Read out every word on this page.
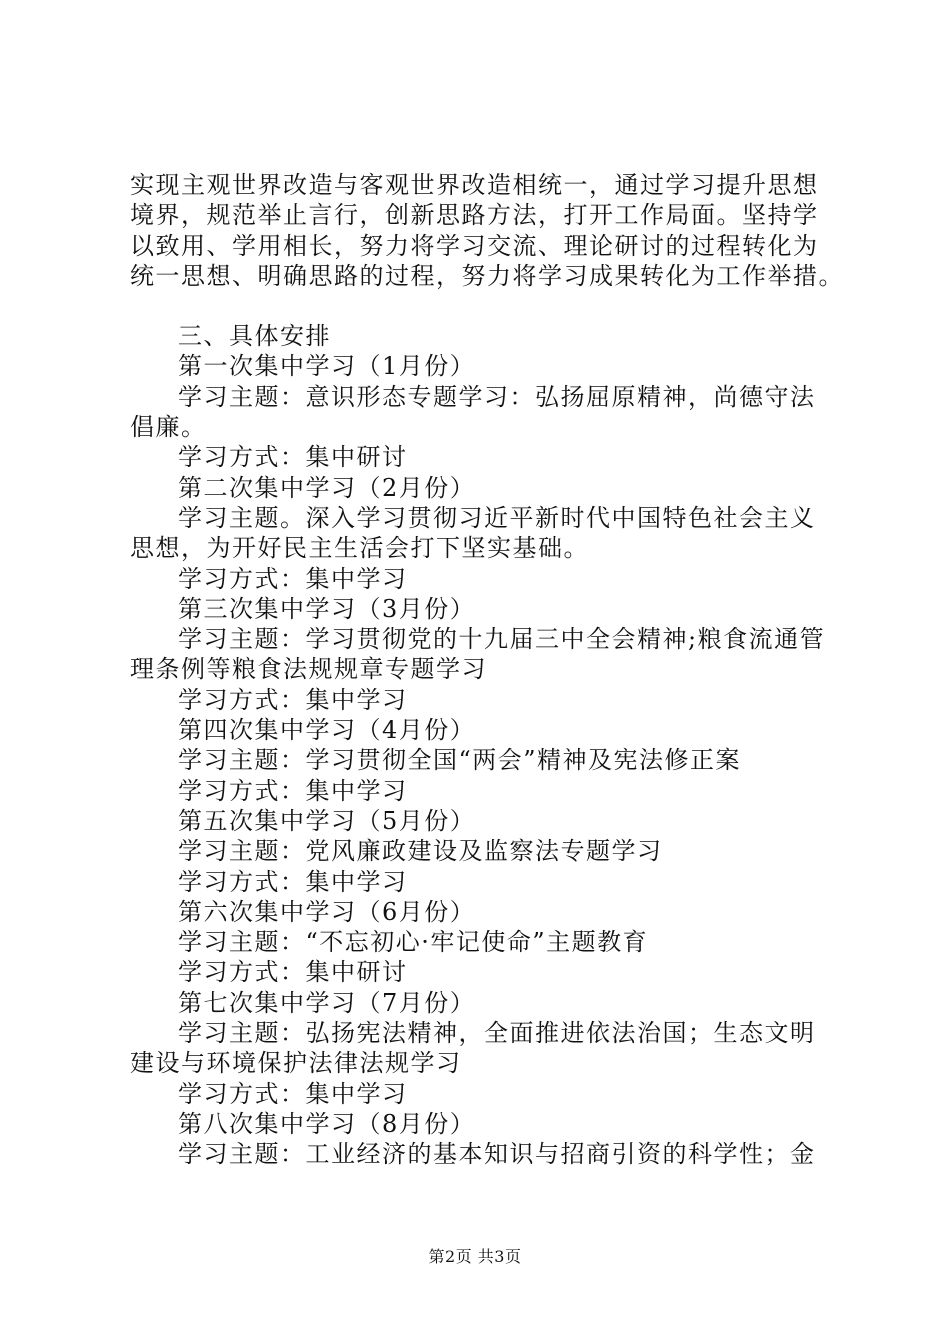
实现主观世界改造与客观世界改造相统一，通过学习提升思想
境界，规范举止言行，创新思路方法，打开工作局面。坚持学
以致用、学用相长，努力将学习交流、理论研讨的过程转化为
统一思想、明确思路的过程，努力将学习成果转化为工作举措。
三、具体安排
第一次集中学习（1月份）
学习主题：意识形态专题学习：弘扬屈原精神，尚德守法
倡廉。
学习方式：集中研讨
第二次集中学习（2月份）
学习主题。深入学习贯彻习近平新时代中国特色社会主义
思想，为开好民主生活会打下坚实基础。
学习方式：集中学习
第三次集中学习（3月份）
学习主题：学习贯彻党的十九届三中全会精神;粮食流通管
理条例等粮食法规规章专题学习
学习方式：集中学习
第四次集中学习（4月份）
学习主题：学习贯彻全国“两会”精神及宪法修正案
学习方式：集中学习
第五次集中学习（5月份）
学习主题：党风廉政建设及监察法专题学习
学习方式：集中学习
第六次集中学习（6月份）
学习主题：“不忘初心·牢记使命”主题教育
学习方式：集中研讨
第七次集中学习（7月份）
学习主题：弘扬宪法精神，全面推进依法治国；生态文明
建设与环境保护法律法规学习
学习方式：集中学习
第八次集中学习（8月份）
学习主题：工业经济的基本知识与招商引资的科学性；金
第2页 共3页
